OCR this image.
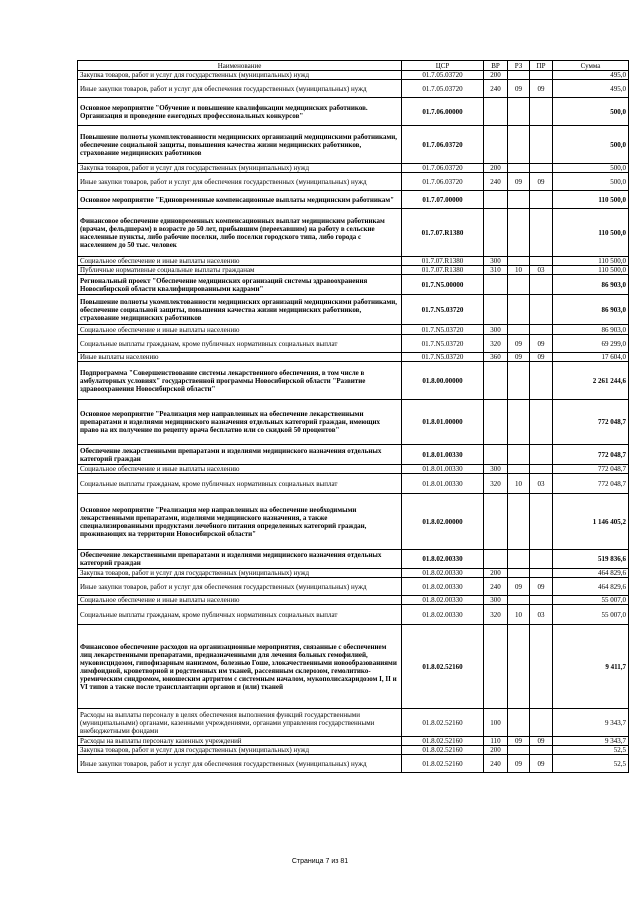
Наименование	ЦСР	ВР	РЗ	ПР	Сумма
Закупка товаров, работ и услуг для государственных (муниципальных) нужд	01.7.05.03720	200			495,0
Иные закупки товаров, работ и услуг для обеспечения государственных (муниципальных) нужд	01.7.05.03720	240	09	09	495,0
Основное мероприятие "Обучение и повышение квалификации медицинских работников. Организация и проведение ежегодных профессиональных конкурсов"	01.7.06.00000				500,0
Повышение полноты укомплектованности медицинских организаций медицинскими работниками, обеспечение социальной защиты, повышения качества жизни медицинских работников, страхование медицинских работников	01.7.06.03720				500,0
Закупка товаров, работ и услуг для государственных (муниципальных) нужд	01.7.06.03720	200			500,0
Иные закупки товаров, работ и услуг для обеспечения государственных (муниципальных) нужд	01.7.06.03720	240	09	09	500,0
Основное мероприятие "Единовременные компенсационные выплаты медицинским работникам"	01.7.07.00000				110 500,0
Финансовое обеспечение единовременных компенсационных выплат медицинским работникам (врачам, фельдшерам) в возрасте до 50 лет, прибывшим (переехавшим) на работу в сельские населенные пункты, либо рабочие поселки, либо поселки городского типа, либо города с населением до 50 тыс. человек	01.7.07.R1380				110 500,0
Социальное обеспечение и иные выплаты населению	01.7.07.R1380	300			110 500,0
Публичные нормативные социальные выплаты гражданам	01.7.07.R1380	310	10	03	110 500,0
Региональный проект "Обеспечение медицинских организаций системы здравоохранения Новосибирской области квалифицированными кадрами"	01.7.N5.00000				86 903,0
Повышение полноты укомплектованности медицинских организаций медицинскими работниками, обеспечение социальной защиты, повышения качества жизни медицинских работников, страхование медицинских работников	01.7.N5.03720				86 903,0
Социальное обеспечение и иные выплаты населению	01.7.N5.03720	300			86 903,0
Социальные выплаты гражданам, кроме публичных нормативных социальных выплат	01.7.N5.03720	320	09	09	69 299,0
Иные выплаты населению	01.7.N5.03720	360	09	09	17 604,0
Подпрограмма "Совершенствование системы лекарственного обеспечения, в том числе в амбулаторных условиях" государственной программы Новосибирской области "Развитие здравоохранения Новосибирской области"	01.8.00.00000				2 261 244,6
Основное мероприятие "Реализация мер направленных на обеспечение лекарственными препаратами и изделиями медицинского назначения отдельных категорий граждан, имеющих право на их получение по рецепту врача бесплатно или со скидкой 50 процентов"	01.8.01.00000				772 048,7
Обеспечение лекарственными препаратами и изделиями медицинского назначения отдельных категорий граждан	01.8.01.00330				772 048,7
Социальное обеспечение и иные выплаты населению	01.8.01.00330	300			772 048,7
Социальные выплаты гражданам, кроме публичных нормативных социальных выплат	01.8.01.00330	320	10	03	772 048,7
Основное мероприятие "Реализация мер направленных на обеспечение необходимыми лекарственными препаратами, изделиями медицинского назначения, а также специализированными продуктами лечебного питания определенных категорий граждан, проживающих на территории Новосибирской области"	01.8.02.00000				1 146 405,2
Обеспечение лекарственными препаратами и изделиями медицинского назначения отдельных категорий граждан	01.8.02.00330				519 836,6
Закупка товаров, работ и услуг для государственных (муниципальных) нужд	01.8.02.00330	200			464 829,6
Иные закупки товаров, работ и услуг для обеспечения государственных (муниципальных) нужд	01.8.02.00330	240	09	09	464 829,6
Социальное обеспечение и иные выплаты населению	01.8.02.00330	300			55 007,0
Социальные выплаты гражданам, кроме публичных нормативных социальных выплат	01.8.02.00330	320	10	03	55 007,0
Финансовое обеспечение расходов на организационные мероприятия, связанные с обеспечением лиц лекарственными препаратами, предназначенными для лечения больных гемофилией, муковисцидозом, гипофизарным нанизмом, болезнью Гоше, злокачественными новообразованиями лимфоидной, кроветворной и родственных им тканей, рассеянным склерозом, гемолитико-уремическим синдромом, юношеским артритом с системным началом, мукополисахаридозом I, II и VI типов а также после трансплантации органов и (или) тканей	01.8.02.52160				9 411,7
Расходы на выплаты персоналу в целях обеспечения выполнения функций государственными (муниципальными) органами, казенными учреждениями, органами управления государственными внебюджетными фондами	01.8.02.52160	100			9 343,7
Расходы на выплаты персоналу казенных учреждений	01.8.02.52160	110	09	09	9 343,7
Закупка товаров, работ и услуг для государственных (муниципальных) нужд	01.8.02.52160	200			52,5
Иные закупки товаров, работ и услуг для обеспечения государственных (муниципальных) нужд	01.8.02.52160	240	09	09	52,5
Страница 7 из 81
